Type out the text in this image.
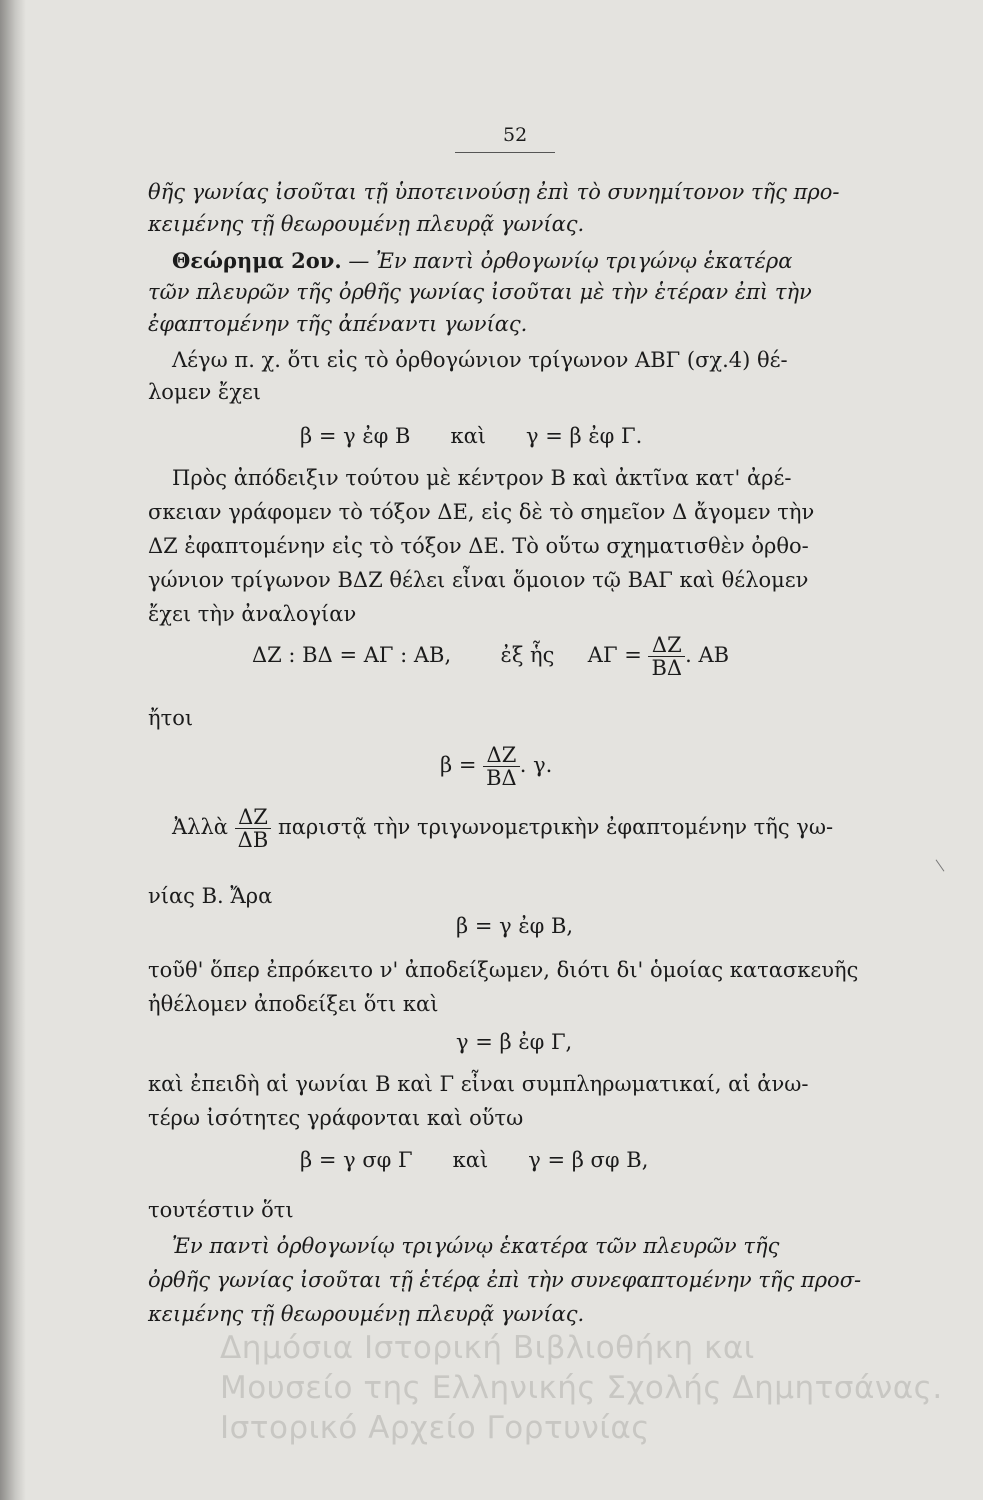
Δημόσια Ιστορική Βιβλιοθήκη και
Μουσείο της Ελληνικής Σχολής Δημητσάνας.
Ιστορικό Αρχείο Γορτυνίας
52
θῆς γωνίας ἰσοῦται τῇ ὑποτεινούσῃ ἐπὶ τὸ συνημίτονον τῆς προ-
κειμένης τῇ θεωρουμένῃ πλευρᾷ γωνίας.
Θεώρημα 2ον. — Ἐν παντὶ ὀρθογωνίῳ τριγώνῳ ἑκατέρα
τῶν πλευρῶν τῆς ὀρθῆς γωνίας ἰσοῦται μὲ τὴν ἑτέραν ἐπὶ τὴν
ἐφαπτομένην τῆς ἀπέναντι γωνίας.
Λέγω π. χ. ὅτι εἰς τὸ ὀρθογώνιον τρίγωνον ΑΒΓ (σχ.4) θέ-
λομεν ἔχει
β = γ ἐφ Β      καὶ      γ = β ἐφ Γ.
Πρὸς ἀπόδειξιν τούτου μὲ κέντρον Β καὶ ἀκτῖνα κατ' ἀρέ-
σκειαν γράφομεν τὸ τόξον ΔΕ, εἰς δὲ τὸ σημεῖον Δ ἄγομεν τὴν
ΔΖ ἐφαπτομένην εἰς τὸ τόξον ΔΕ. Τὸ οὕτω σχηματισθὲν ὀρθο-
γώνιον τρίγωνον ΒΔΖ θέλει εἶναι ὅμοιον τῷ ΒΑΓ καὶ θέλομεν
ἔχει τὴν ἀναλογίαν
ΔΖ : ΒΔ = ΑΓ : ΑΒ, ἐξ ἧς $A\Gamma = \frac{\Delta Z}{B\Delta}$ . ΑΒ
ἤτοι
$\beta = \frac{\Delta Z}{B\Delta}$ . γ.
Ἀλλὰ $\frac{\Delta Z}{\Delta B}$ παριστᾷ τὴν τριγωνομετρικὴν ἐφαπτομένην τῆς γω-
νίας Β. Ἄρα
β = γ ἐφ Β,
τοῦθ' ὅπερ ἐπρόκειτο ν' ἀποδείξωμεν, διότι δι' ὁμοίας κατασκευῆς
ἠθέλομεν ἀποδείξει ὅτι καὶ
γ = β ἐφ Γ,
καὶ ἐπειδὴ αἱ γωνίαι Β καὶ Γ εἶναι συμπληρωματικαί, αἱ ἀνω-
τέρω ἰσότητες γράφονται καὶ οὕτω
β = γ σφ Γ      καὶ      γ = β σφ Β,
τουτέστιν ὅτι
Ἐν παντὶ ὀρθογωνίῳ τριγώνῳ ἑκατέρα τῶν πλευρῶν τῆς
ὀρθῆς γωνίας ἰσοῦται τῇ ἑτέρᾳ ἐπὶ τὴν συνεφαπτομένην τῆς προσ-
κειμένης τῇ θεωρουμένῃ πλευρᾷ γωνίας.
